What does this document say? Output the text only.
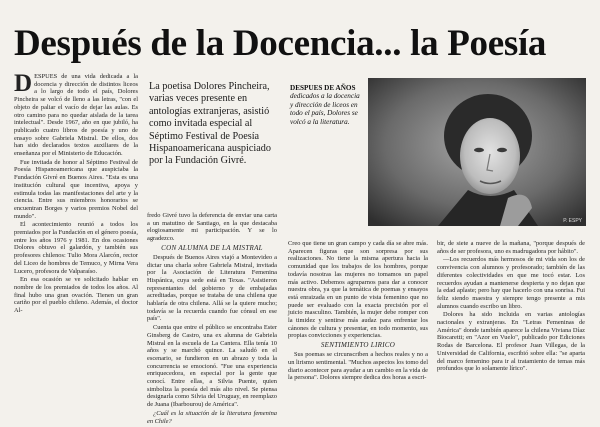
Después de la Docencia... la Poesía

DESPUES de una vida dedicada a la docencia y dirección de distintos liceos a lo largo de todo el país, Dolores Pincheira se volcó de lleno a las letras, "con el objeto de paliar el vacío de dejar las aulas. Es otro camino para no quedar aislada de la tarea intelectual". Desde 1967, año en que jubiló, ha publicado cuatro libros de poesía y uno de ensayo sobre Gabriela Mistral. De ellos, dos han sido declarados textos auxiliares de la enseñanza por el Ministerio de Educación.

Fue invitada de honor al Séptimo Festival de Poesía Hispanoamericana que auspiciaba la Fundación Givré en Buenos Aires. "Esta es una institución cultural que incentiva, apoya y estimula todas las manifestaciones del arte y la ciencia. Entre sus miembros honorarios se encuentran Borges y varios premios Nobel del mundo".

El acontecimiento reunió a todos los premiados por la Fundación en el género poesía, entre los años 1976 y 1981. En dos ocasiones Dolores obtuvo el galardón, y también sus profesores chilenos: Tulio Mora Alarcón, rector del Liceo de hombres de Temuco, y Mirna Vera Lucero, profesora de Valparaíso.

En esa ocasión se ve solicitado hablar en nombre de los premiados de todos los años. Al final hubo una gran ovación. Tienen un gran cariño por el pueblo chileno. Además, el doctor Al-

La poetisa Dolores Pincheira, varias veces presente en antologías extranjeras, asistió como invitada especial al Séptimo Festival de Poesía Hispanoamericana auspiciado por la Fundación Givré.
DESPUES DE AÑOS dedicados a la docencia y dirección de liceos en todo el país, Dolores se volcó a la literatura.
P. ESPY

fredo Givré tuvo la deferencia de enviar una carta a un matutino de Santiago, en la que destacaba elogiosamente mi participación. Y se lo agradezco.

CON ALUMNA DE LA MISTRAL

Después de Buenos Aires viajó a Montevideo a dictar una charla sobre Gabriela Mistral, invitada por la Asociación de Literatura Femenina Hispánica, cuya sede está en Texas. "Asistieron representantes del gobierno y de embajadas acreditadas, porque se trataba de una chilena que hablaría de otra chilena. Allá se la quiere mucho; todavía se la recuerda cuando fue cónsul en ese país".

Cuenta que entre el público se encontraba Ester Ginsberg de Castro, una ex alumna de Gabriela Mistral en la escuela de La Cantera. Ella tenía 10 años y se marchó quince. La saludó en el escenario, se fundieron en un abrazo y toda la concurrencia se emocionó. "Fue una experiencia enriquecedora, en especial por la gente que conocí. Entre ellas, a Silvia Puente, quien simboliza la poesía del más alto nivel. Se piensa designarla como Silvia del Uruguay, en reemplazo de Juana (Ibarbourou) de América".

¿Cuál es la situación de la literatura femenina en Chile?

Creo que tiene un gran campo y cada día se abre más. Aparecen figuras que son sorpresa por sus realizaciones. No tiene la misma apertura hacia la comunidad que los trabajos de los hombres, porque todavía nosotras las mujeres no tomamos un papel más activo. Debemos agruparnos para dar a conocer nuestra obra, ya que la temática de poemas y ensayos está enraizada en un punto de vista femenino que no puede ser evaluado con la exacta precisión por el juicio masculino. También, la mujer debe romper con la timidez y sentirse más audaz para enfrentar los cánones de cultura y presentar, en todo momento, sus propias convicciones y experiencias.

SENTIMIENTO LIRICO

Sus poemas se circunscriben a hechos reales y no a un lirismo sentimental. "Muchos aspectos los tomo del diario acontecer para ayudar a un cambio en la vida de la persona". Dolores siempre dedica dos horas a escri-

bir, de siete a nueve de la mañana, "porque después de años de ser profesora, uno es madrugadora por hábito".

—Los recuerdos más hermosos de mi vida son los de convivencia con alumnos y profesorado; también de las diferentes colectividades en que me tocó estar. Los recuerdos ayudan a mantenerse despierta y no dejan que la edad aplaste; pero hay que hacerlo con una sonrisa. Fui feliz siendo maestra y siempre tengo presente a mis alumnos cuando escribo un libro.

Dolores ha sido incluida en varias antologías nacionales y extranjeras. En "Letras Femeninas de América" donde también aparece la chilena Viviana Díaz Biocaretti; en "Azor en Vuelo", publicado por Ediciones Rodas de Barcelona. El profesor Juan Villegas, de la Universidad de California, escribió sobre ella: "se aparta del marco femenino para ir al tratamiento de temas más profundos que lo solamente lírico".
